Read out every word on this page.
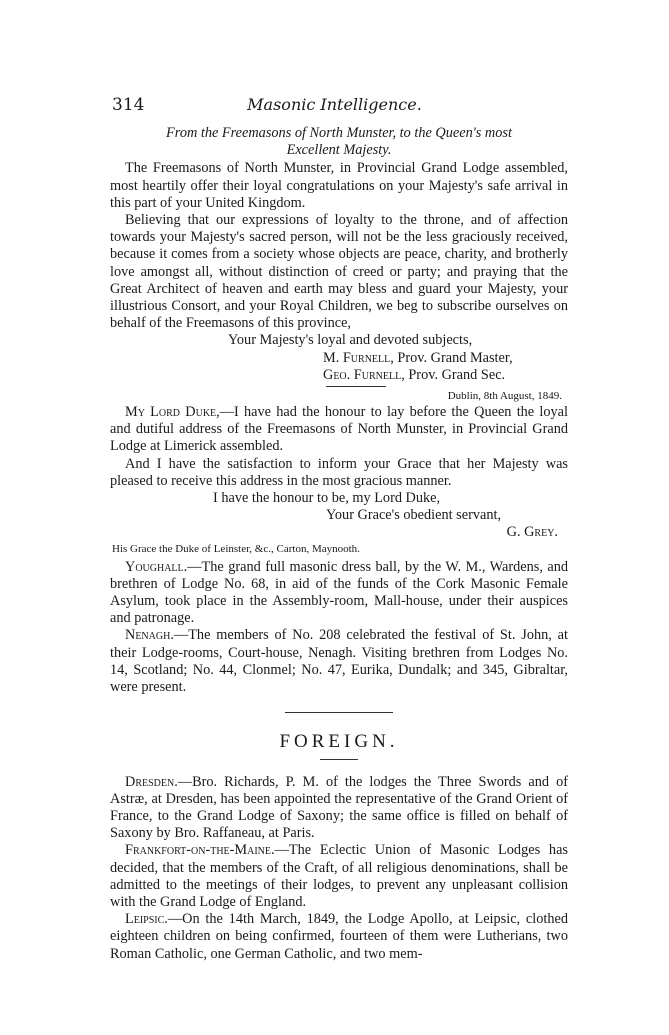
314	Masonic Intelligence.
From the Freemasons of North Munster, to the Queen's most
Excellent Majesty.

The Freemasons of North Munster, in Provincial Grand Lodge assembled, most heartily offer their loyal congratulations on your Majesty's safe arrival in this part of your United Kingdom.

Believing that our expressions of loyalty to the throne, and of affection towards your Majesty's sacred person, will not be the less graciously received, because it comes from a society whose objects are peace, charity, and brotherly love amongst all, without distinction of creed or party; and praying that the Great Architect of heaven and earth may bless and guard your Majesty, your illustrious Consort, and your Royal Children, we beg to subscribe ourselves on behalf of the Freemasons of this province,

Your Majesty's loyal and devoted subjects,
M. Furnell, Prov. Grand Master,
Geo. Furnell, Prov. Grand Sec.
Dublin, 8th August, 1849.

My Lord Duke,—I have had the honour to lay before the Queen the loyal and dutiful address of the Freemasons of North Munster, in Provincial Grand Lodge at Limerick assembled.

And I have the satisfaction to inform your Grace that her Majesty was pleased to receive this address in the most gracious manner.

I have the honour to be, my Lord Duke,
Your Grace's obedient servant,
G. Grey.
His Grace the Duke of Leinster, &c., Carton, Maynooth.

Youghall.—The grand full masonic dress ball, by the W. M., Wardens, and brethren of Lodge No. 68, in aid of the funds of the Cork Masonic Female Asylum, took place in the Assembly-room, Mall-house, under their auspices and patronage.

Nenagh.—The members of No. 208 celebrated the festival of St. John, at their Lodge-rooms, Court-house, Nenagh. Visiting brethren from Lodges No. 14, Scotland; No. 44, Clonmel; No. 47, Eurika, Dundalk; and 345, Gibraltar, were present.

FOREIGN.

Dresden.—Bro. Richards, P. M. of the lodges the Three Swords and of Astræ, at Dresden, has been appointed the representative of the Grand Orient of France, to the Grand Lodge of Saxony; the same office is filled on behalf of Saxony by Bro. Raffaneau, at Paris.

Frankfort-on-the-Maine.—The Eclectic Union of Masonic Lodges has decided, that the members of the Craft, of all religious denominations, shall be admitted to the meetings of their lodges, to prevent any unpleasant collision with the Grand Lodge of England.

Leipsic.—On the 14th March, 1849, the Lodge Apollo, at Leipsic, clothed eighteen children on being confirmed, fourteen of them were Lutherians, two Roman Catholic, one German Catholic, and two mem-
